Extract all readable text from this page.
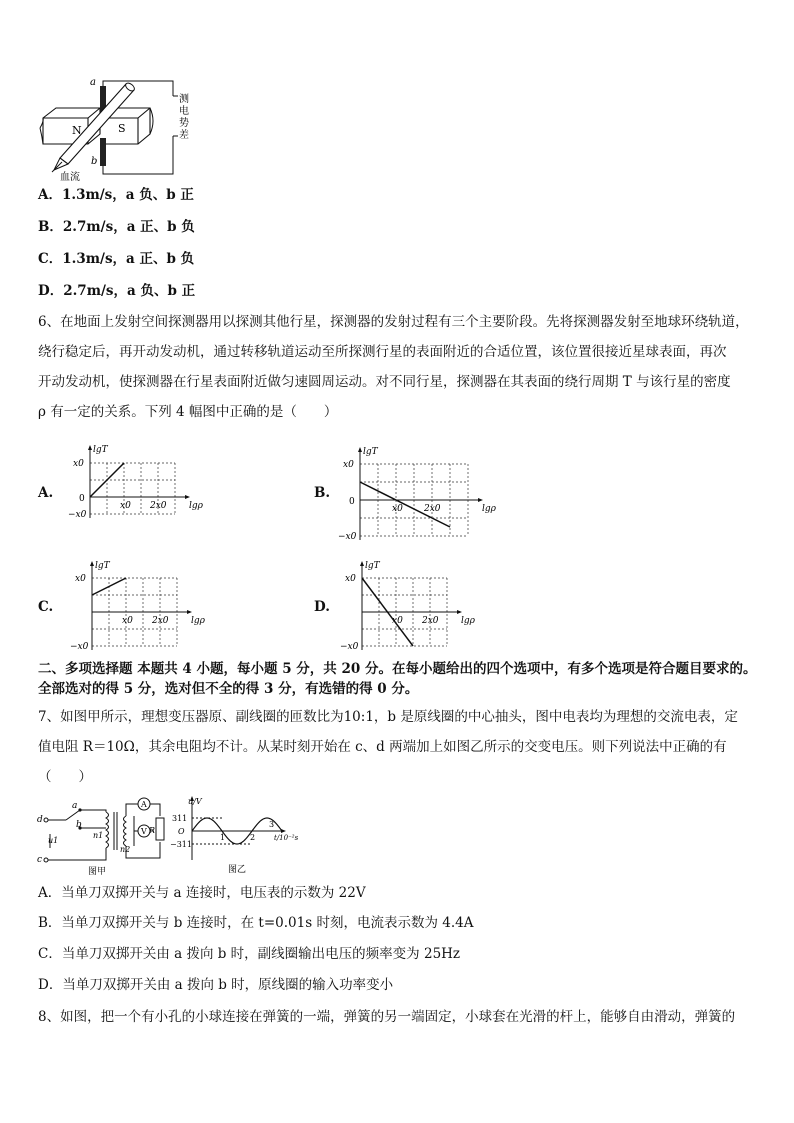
a
b
N	S
测
电
势
差
血流
A．1.3m/s，a 负、b 正
B．2.7m/s，a 正、b 负
C．1.3m/s，a 正、b 负
D．2.7m/s，a 负、b 正
6、在地面上发射空间探测器用以探测其他行星，探测器的发射过程有三个主要阶段。先将探测器发射至地球环绕轨道，
绕行稳定后，再开动发动机，通过转移轨道运动至所探测行星的表面附近的合适位置，该位置很接近星球表面，再次
开动发动机，使探测器在行星表面附近做匀速圆周运动。对不同行星，探测器在其表面的绕行周期 T 与该行星的密度
ρ 有一定的关系。下列 4 幅图中正确的是（　　）
A.	B.
C.	D.
lgT
lgρ
x0
0
−x0
x0 2x0
lgT
lgρ
x0
0
−x0
x0 2x0
lgT
lgρ
x0
−x0
x0 2x0
lgT
lgρ
x0
−x0
x0 2x0
二、多项选择题 本题共 4 小题，每小题 5 分，共 20 分。在每小题给出的四个选项中，有多个选项是符合题目要求的。
全部选对的得 5 分，选对但不全的得 3 分，有选错的得 0 分。
7、如图甲所示，理想变压器原、副线圈的匝数比为10:1，b 是原线圈的中心抽头，图中电表均为理想的交流电表，定
值电阻 R＝10Ω，其余电阻均不计。从某时刻开始在 c、d 两端加上如图乙所示的交变电压。则下列说法中正确的有
（　　）
A
V R
d
c
a
b
u1
n1
n2
图甲
u/V
311
O
−311
1	2
3
t/10⁻²s
图乙
A．当单刀双掷开关与 a 连接时，电压表的示数为 22V
B．当单刀双掷开关与 b 连接时，在 t=0.01s 时刻，电流表示数为 4.4A
C．当单刀双掷开关由 a 拨向 b 时，副线圈输出电压的频率变为 25Hz
D．当单刀双掷开关由 a 拨向 b 时，原线圈的输入功率变小
8、如图，把一个有小孔的小球连接在弹簧的一端，弹簧的另一端固定，小球套在光滑的杆上，能够自由滑动，弹簧的
